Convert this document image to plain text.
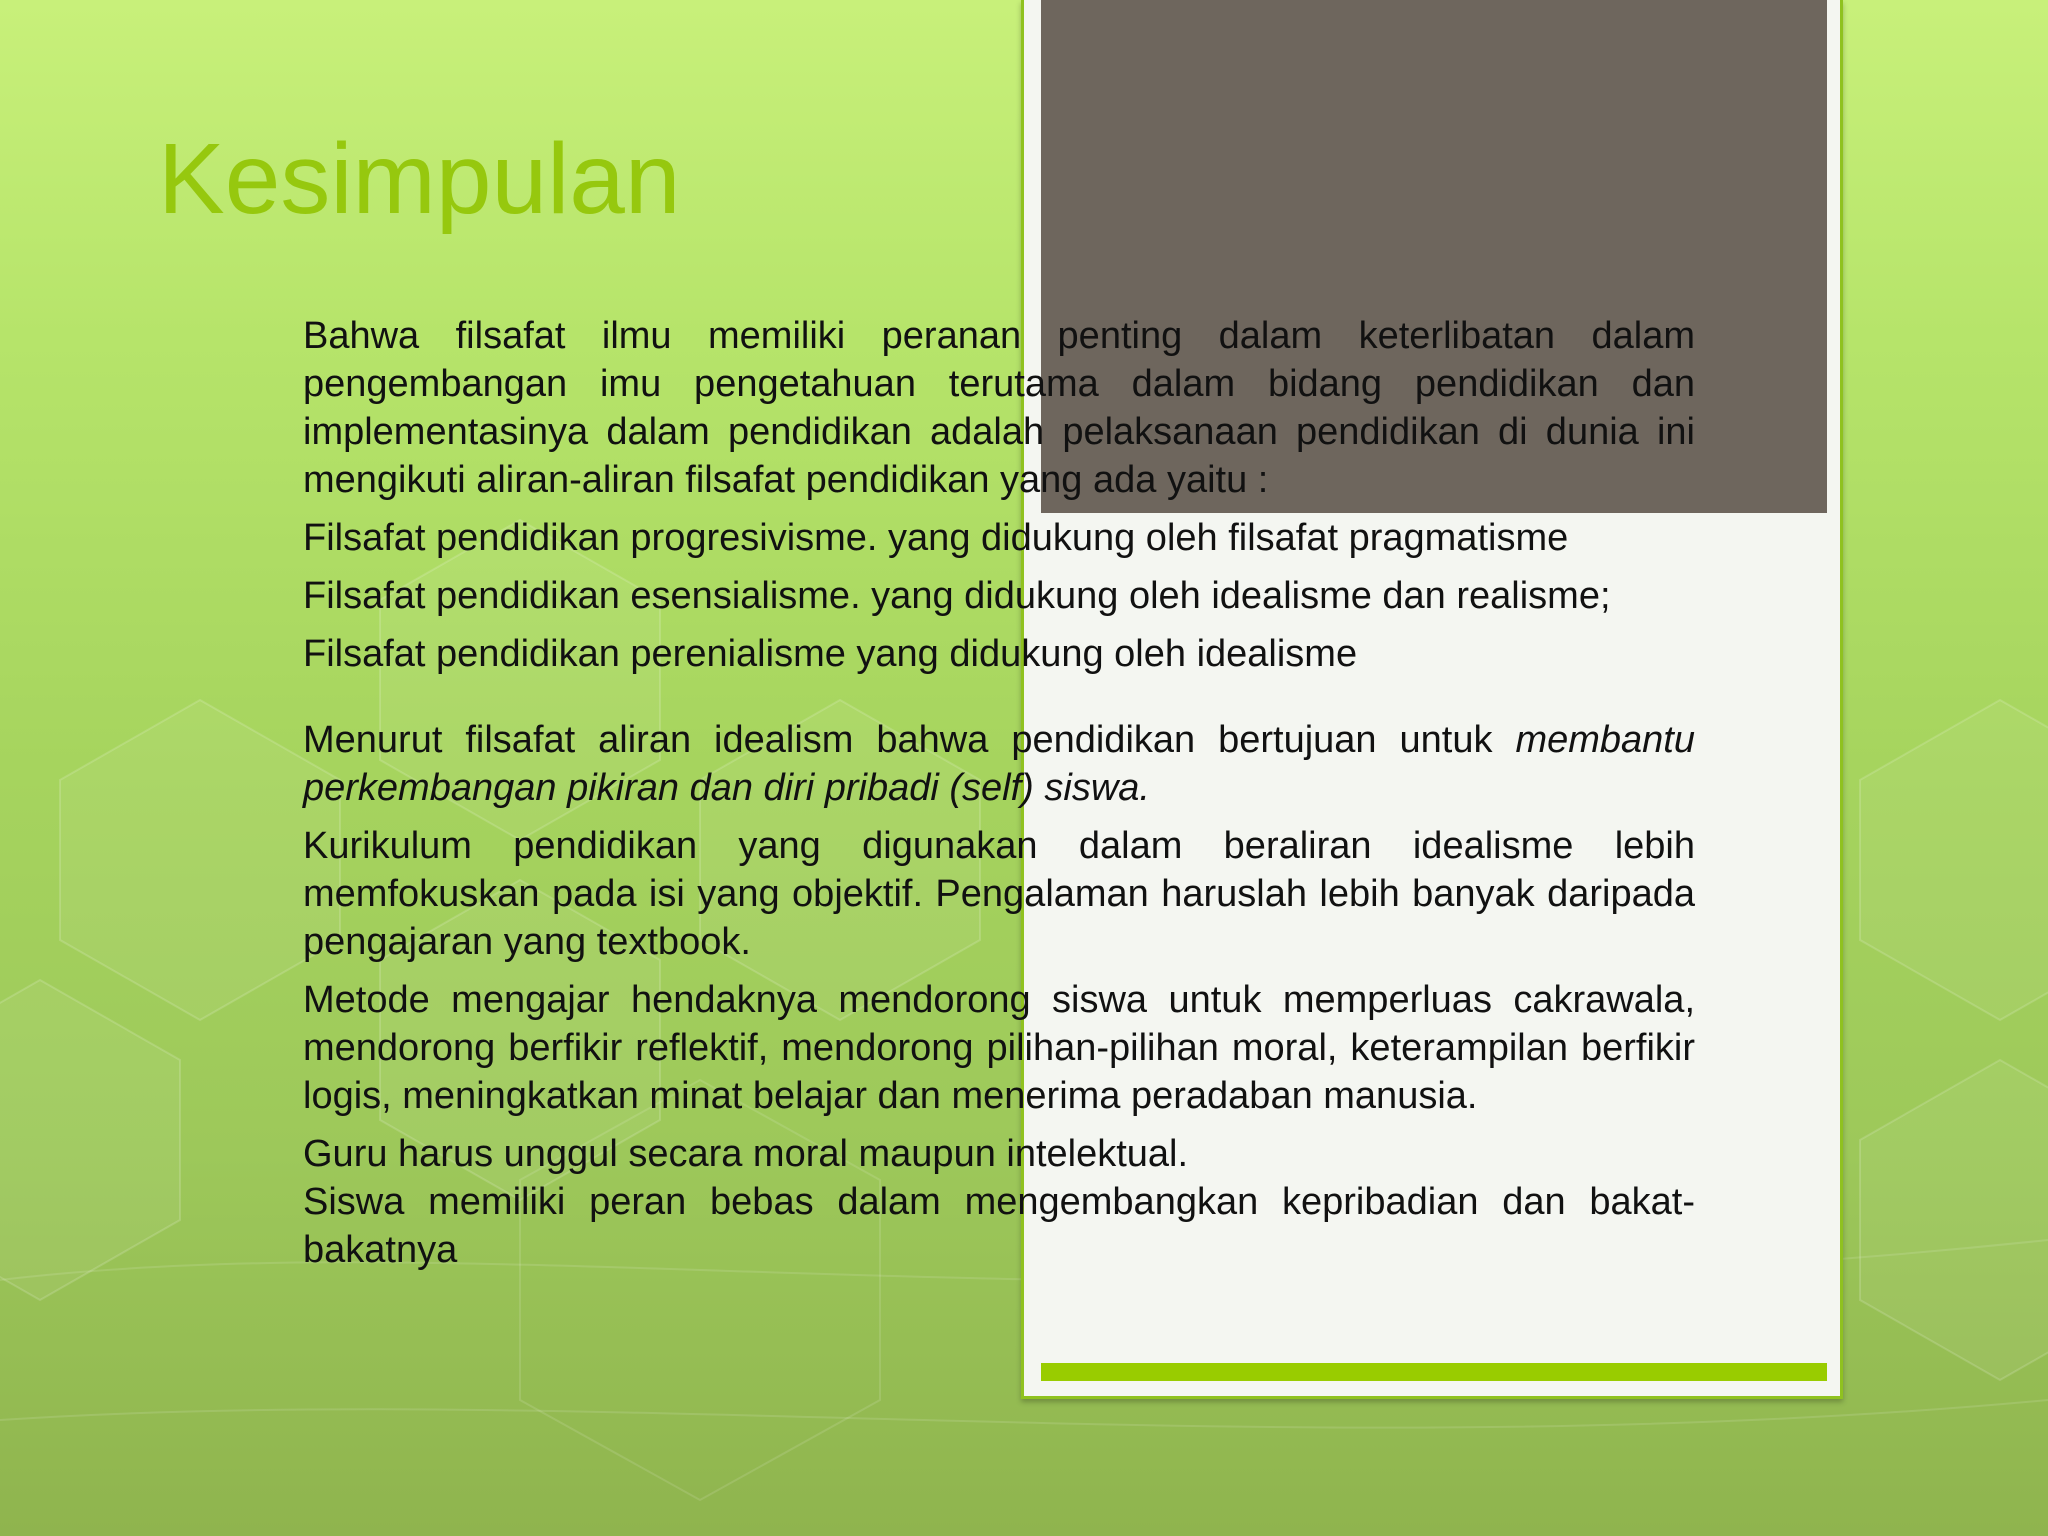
Kesimpulan

Bahwa filsafat ilmu memiliki peranan penting dalam keterlibatan dalam pengembangan imu pengetahuan terutama dalam bidang pendidikan dan implementasinya dalam pendidikan adalah pelaksanaan pendidikan di dunia ini mengikuti aliran-aliran filsafat pendidikan yang ada yaitu :

Filsafat pendidikan progresivisme. yang didukung oleh filsafat pragmatisme

Filsafat pendidikan esensialisme. yang didukung oleh idealisme dan realisme;

Filsafat pendidikan perenialisme yang didukung oleh idealisme

Menurut filsafat aliran idealism bahwa pendidikan bertujuan untuk membantu perkembangan pikiran dan diri pribadi (self) siswa.

Kurikulum pendidikan yang digunakan dalam beraliran idealisme lebih memfokuskan pada isi yang objektif. Pengalaman haruslah lebih banyak daripada pengajaran yang textbook.

Metode mengajar hendaknya mendorong siswa untuk memperluas cakrawala, mendorong berfikir reflektif, mendorong pilihan-pilihan moral, keterampilan berfikir logis, meningkatkan minat belajar dan menerima peradaban manusia.

Guru harus unggul secara moral maupun intelektual.
Siswa memiliki peran bebas dalam mengembangkan kepribadian dan bakat-bakatnya
